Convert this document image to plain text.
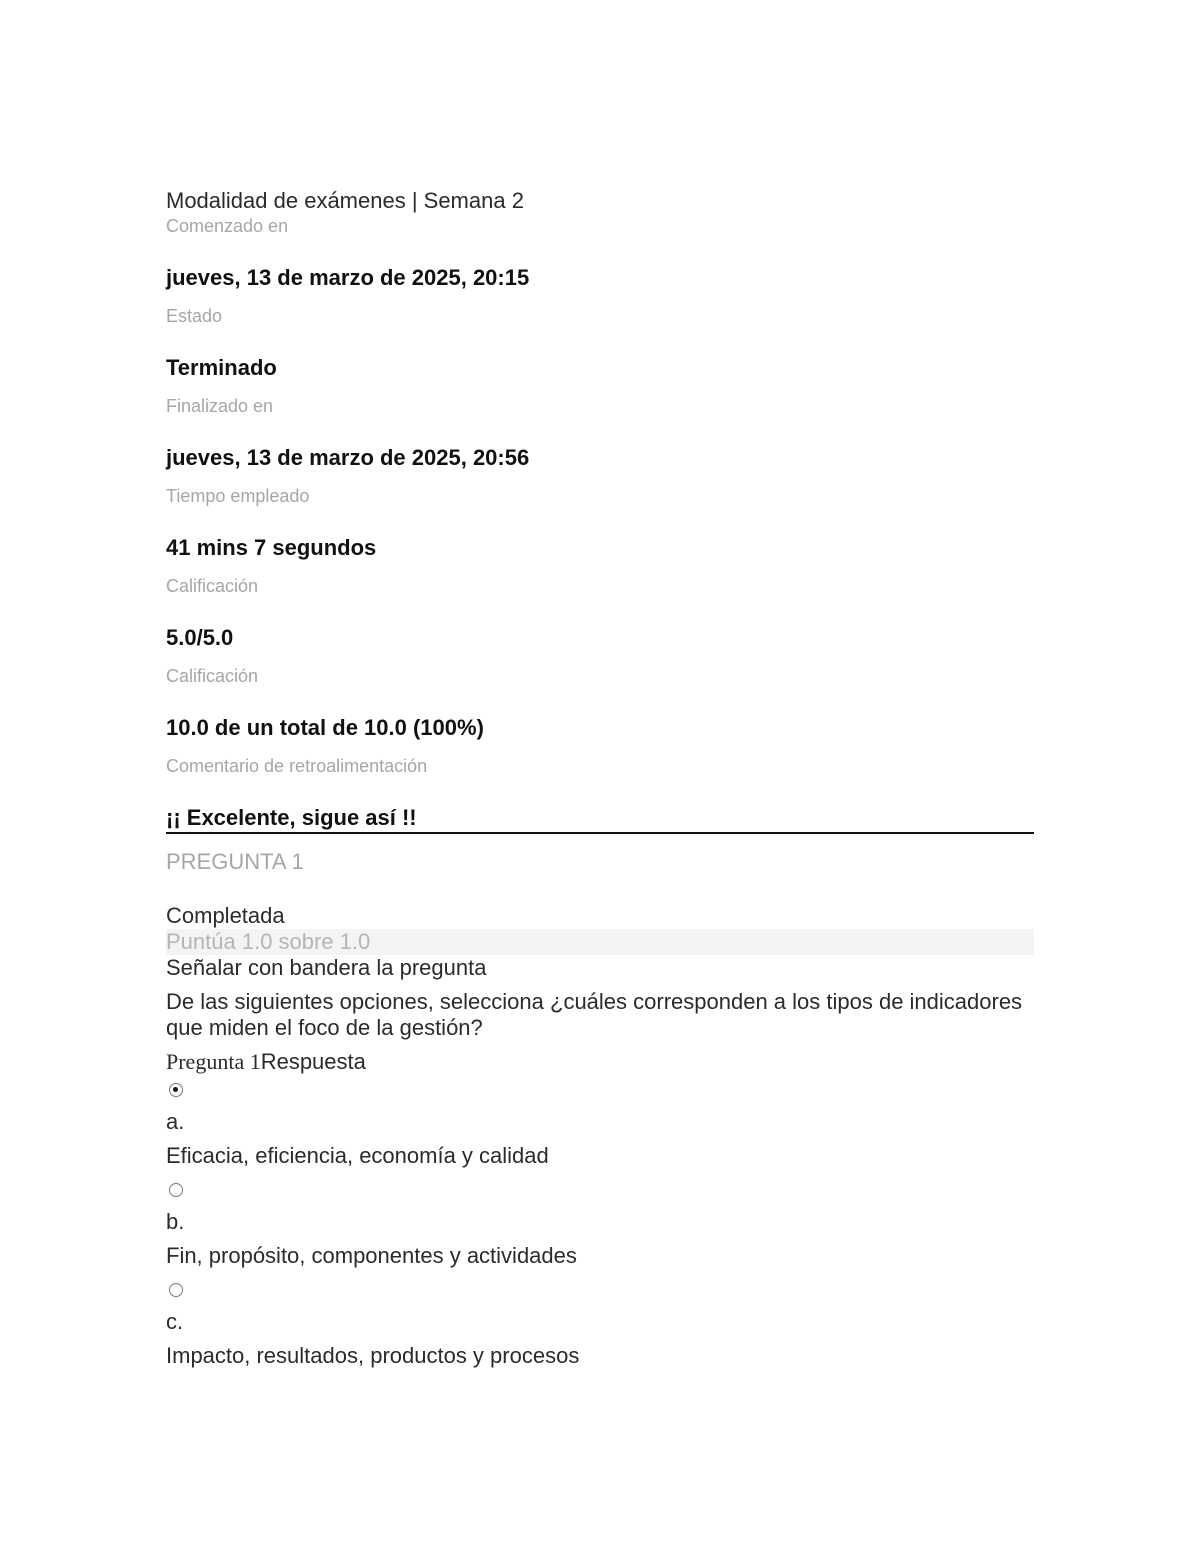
Modalidad de exámenes | Semana 2

Comenzado en

jueves, 13 de marzo de 2025, 20:15

Estado

Terminado

Finalizado en

jueves, 13 de marzo de 2025, 20:56

Tiempo empleado

41 mins 7 segundos

Calificación

5.0/5.0

Calificación

10.0 de un total de 10.0 (100%)

Comentario de retroalimentación

¡¡ Excelente, sigue así !!

PREGUNTA 1

Completada

Puntúa 1.0 sobre 1.0

Señalar con bandera la pregunta

De las siguientes opciones, selecciona ¿cuáles corresponden a los tipos de indicadores que miden el foco de la gestión?

Pregunta 1Respuesta

a.

Eficacia, eficiencia, economía y calidad

b.

Fin, propósito, componentes y actividades

c.

Impacto, resultados, productos y procesos
